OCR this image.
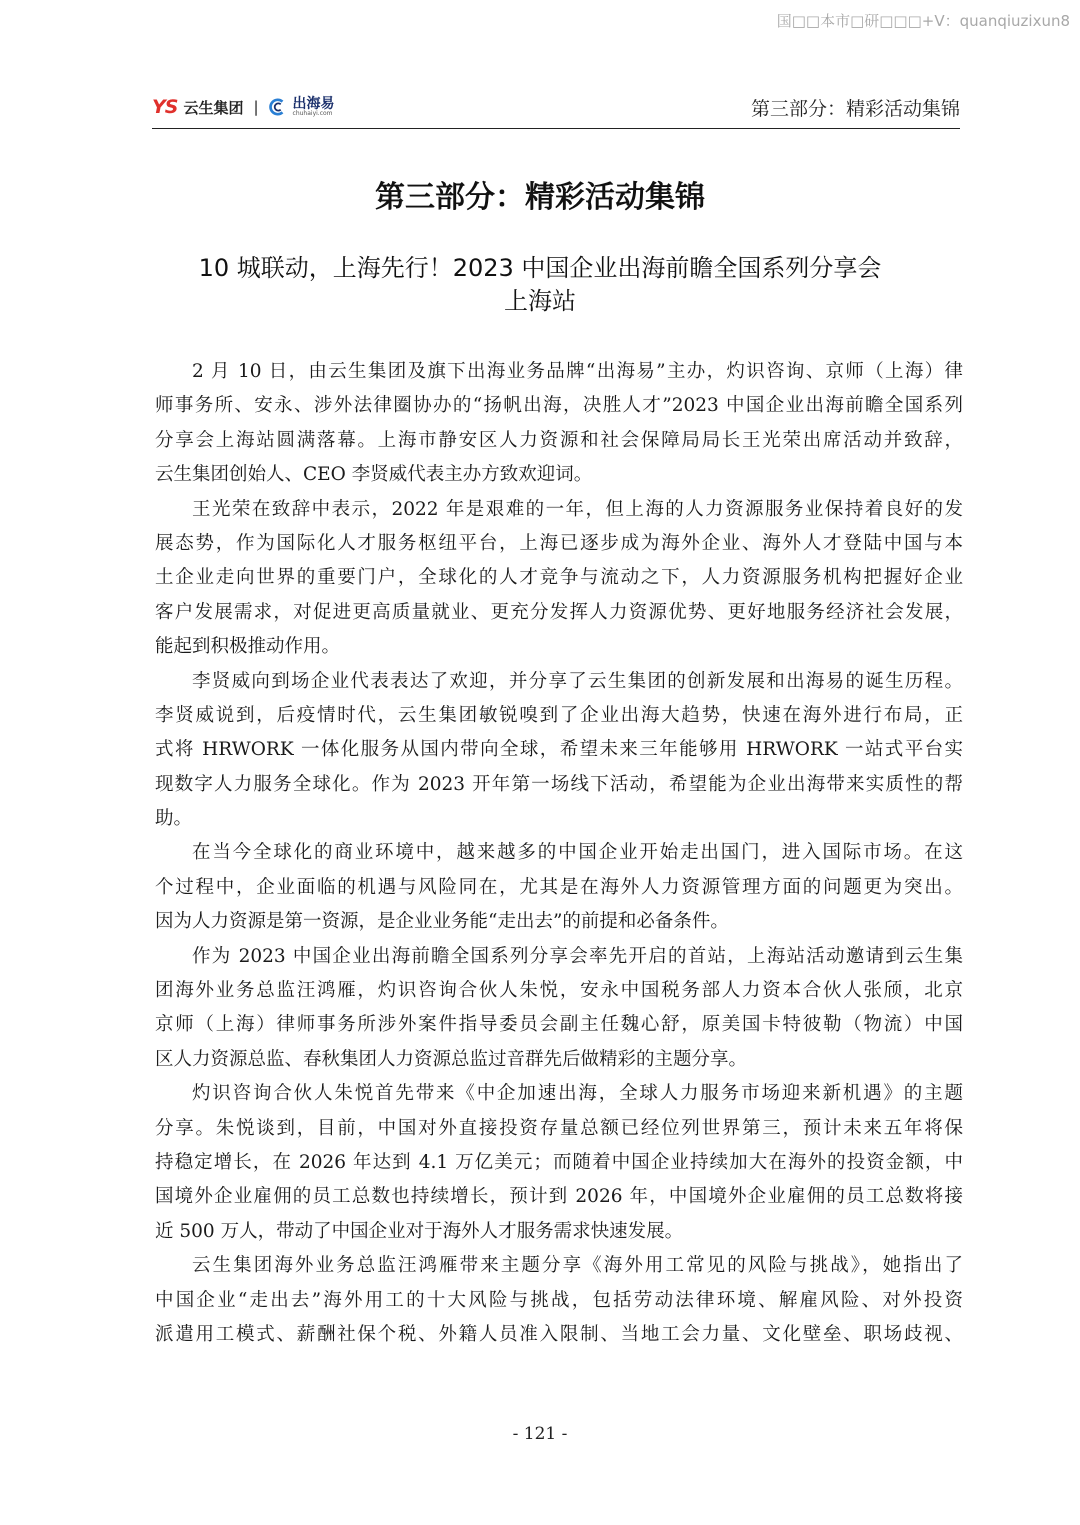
国□□本市□研□□□+V：quanqiuzixun8
YS 云生集团 | 出海易
chuhaiyi.com	第三部分：精彩活动集锦
第三部分：精彩活动集锦
10 城联动，上海先行！2023 中国企业出海前瞻全国系列分享会
上海站
2 月 10 日，由云生集团及旗下出海业务品牌“出海易”主办，灼识咨询、京师（上海）律
师事务所、安永、涉外法律圈协办的“扬帆出海，决胜人才”2023 中国企业出海前瞻全国系列
分享会上海站圆满落幕。上海市静安区人力资源和社会保障局局长王光荣出席活动并致辞，
云生集团创始人、CEO 李贤威代表主办方致欢迎词。
王光荣在致辞中表示，2022 年是艰难的一年，但上海的人力资源服务业保持着良好的发
展态势，作为国际化人才服务枢纽平台，上海已逐步成为海外企业、海外人才登陆中国与本
土企业走向世界的重要门户，全球化的人才竞争与流动之下，人力资源服务机构把握好企业
客户发展需求，对促进更高质量就业、更充分发挥人力资源优势、更好地服务经济社会发展，
能起到积极推动作用。
李贤威向到场企业代表表达了欢迎，并分享了云生集团的创新发展和出海易的诞生历程。
李贤威说到，后疫情时代，云生集团敏锐嗅到了企业出海大趋势，快速在海外进行布局，正
式将 HRWORK 一体化服务从国内带向全球，希望未来三年能够用 HRWORK 一站式平台实
现数字人力服务全球化。作为 2023 开年第一场线下活动，希望能为企业出海带来实质性的帮
助。
在当今全球化的商业环境中，越来越多的中国企业开始走出国门，进入国际市场。在这
个过程中，企业面临的机遇与风险同在，尤其是在海外人力资源管理方面的问题更为突出。
因为人力资源是第一资源，是企业业务能“走出去”的前提和必备条件。
作为 2023 中国企业出海前瞻全国系列分享会率先开启的首站，上海站活动邀请到云生集
团海外业务总监汪鸿雁，灼识咨询合伙人朱悦，安永中国税务部人力资本合伙人张颀，北京
京师（上海）律师事务所涉外案件指导委员会副主任魏心舒，原美国卡特彼勒（物流）中国
区人力资源总监、春秋集团人力资源总监过音群先后做精彩的主题分享。
灼识咨询合伙人朱悦首先带来《中企加速出海，全球人力服务市场迎来新机遇》的主题
分享。朱悦谈到，目前，中国对外直接投资存量总额已经位列世界第三，预计未来五年将保
持稳定增长，在 2026 年达到 4.1 万亿美元；而随着中国企业持续加大在海外的投资金额，中
国境外企业雇佣的员工总数也持续增长，预计到 2026 年，中国境外企业雇佣的员工总数将接
近 500 万人，带动了中国企业对于海外人才服务需求快速发展。
云生集团海外业务总监汪鸿雁带来主题分享《海外用工常见的风险与挑战》，她指出了
中国企业“走出去”海外用工的十大风险与挑战，包括劳动法律环境、解雇风险、对外投资
派遣用工模式、薪酬社保个税、外籍人员准入限制、当地工会力量、文化壁垒、职场歧视、
- 121 -
